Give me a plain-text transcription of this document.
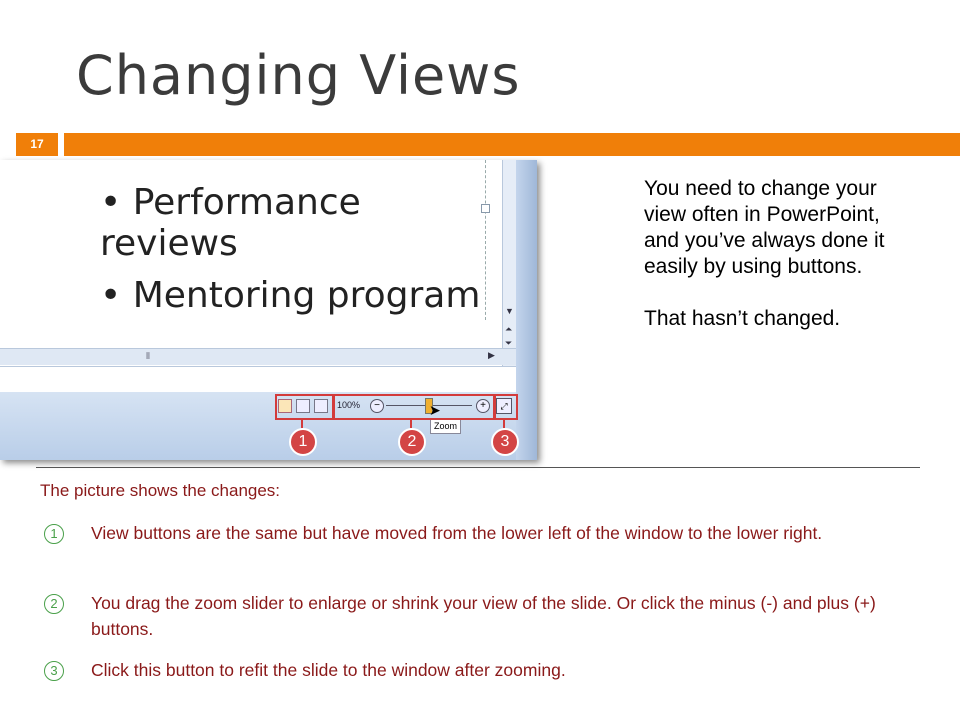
Changing Views
17
• Performance reviews
• Mentoring program	▼
⏶
⏷
⦀	▶
100%	−	+	⤢
Zoom
➤
1	2	3
You need to change your view often in PowerPoint, and you’ve always done it easily by using buttons.
That hasn’t changed.
The picture shows the changes:
1	View buttons are the same but have moved from the lower left of the window to the lower right.
2	You drag the zoom slider to enlarge or shrink your view of the slide. Or click the minus (-) and plus (+) buttons.
3	Click this button to refit the slide to the window after zooming.
